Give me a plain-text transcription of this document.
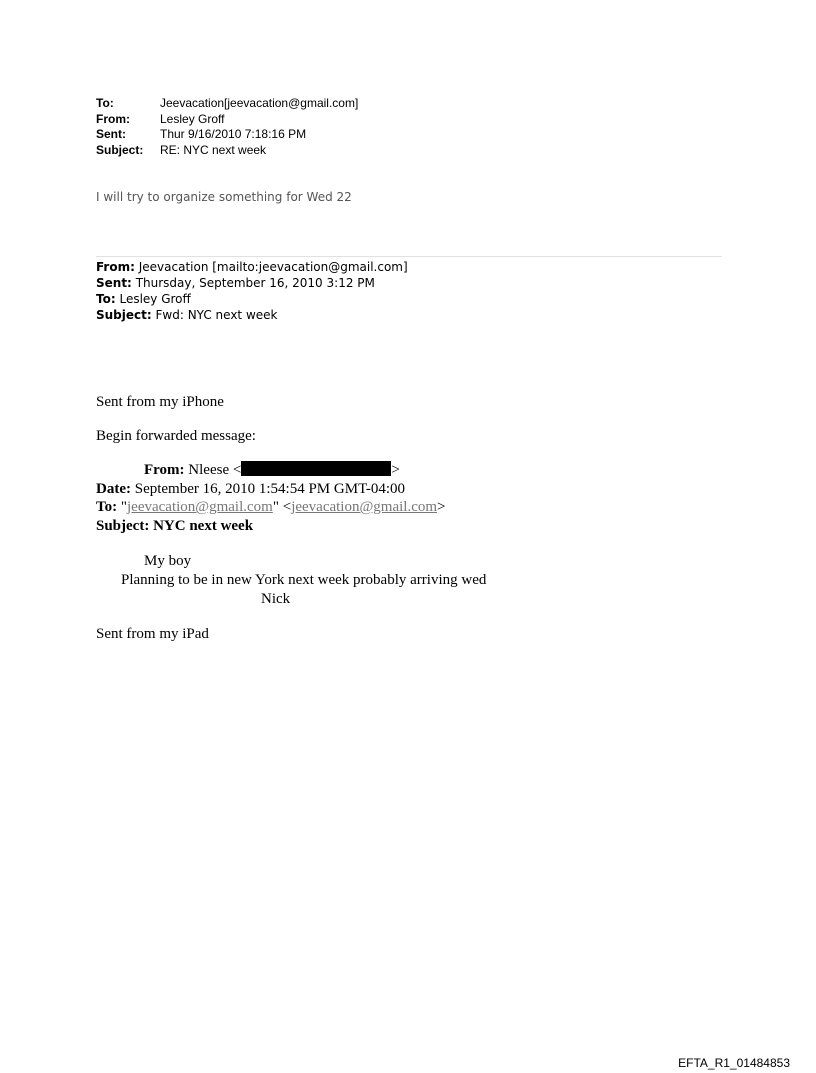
To:	Jeevacation[jeevacation@gmail.com]
From:	Lesley Groff
Sent:	Thur 9/16/2010 7:18:16 PM
Subject:	RE: NYC next week
I will try to organize something for Wed 22
From: Jeevacation [mailto:jeevacation@gmail.com]
Sent: Thursday, September 16, 2010 3:12 PM
To: Lesley Groff
Subject: Fwd: NYC next week
Sent from my iPhone
Begin forwarded message:
From: Nleese <	>
Date: September 16, 2010 1:54:54 PM GMT-04:00
To: "jeevacation@gmail.com" <jeevacation@gmail.com>
Subject: NYC next week
My boy
Planning to be in new York next week probably arriving wed
Nick
Sent from my iPad
EFTA_R1_01484853
